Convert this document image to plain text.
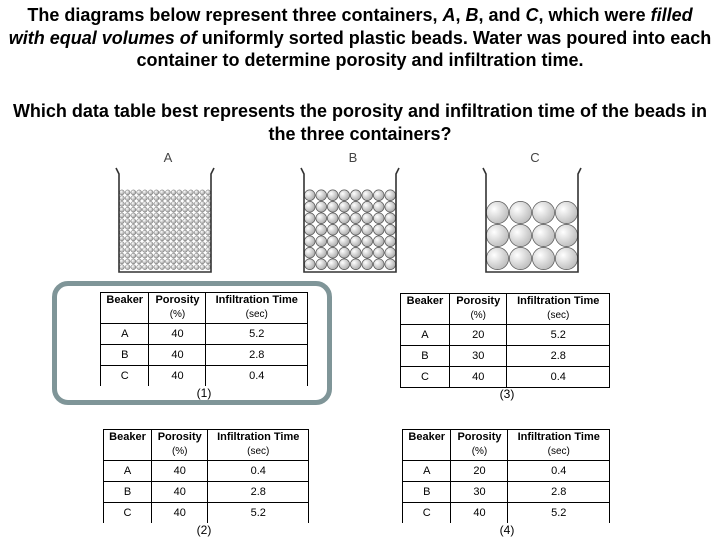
The diagrams below represent three containers, A, B, and C, which were filled with equal volumes of uniformly sorted plastic beads. Water was poured into each container to determine porosity and infiltration time.

Which data table best represents the porosity and infiltration time of the beads in the three containers?

A	B	C
Beaker	Porosity	Infiltration Time
	(%)	(sec)
A	40	5.2
B	40	2.8
C	40	0.4
(1)
Beaker	Porosity	Infiltration Time
	(%)	(sec)
A	20	5.2
B	30	2.8
C	40	0.4
(3)
Beaker	Porosity	Infiltration Time
	(%)	(sec)
A	40	0.4
B	40	2.8
C	40	5.2
(2)
Beaker	Porosity	Infiltration Time
	(%)	(sec)
A	20	0.4
B	30	2.8
C	40	5.2
(4)
